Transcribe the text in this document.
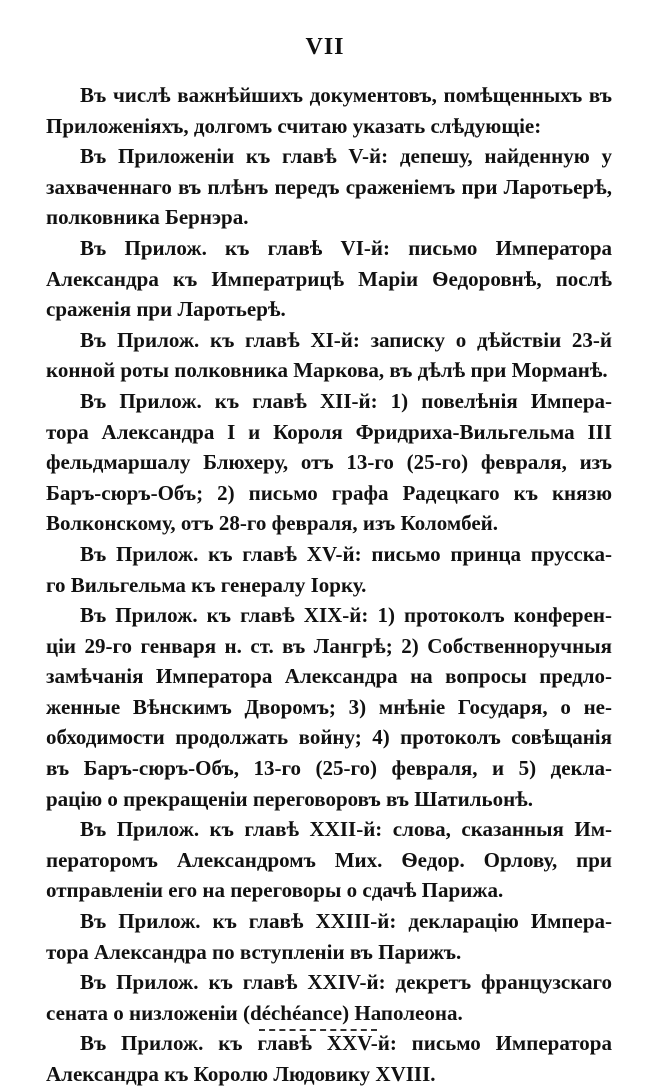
VII
Въ числѣ важнѣйшихъ документовъ, помѣщенныхъ въ
Приложеніяхъ, долгомъ считаю указать слѣдующіе:
Въ Приложеніи къ главѣ V-й: депешу, найденную у
захваченнаго въ плѣнъ передъ сраженіемъ при Ларотьерѣ,
полковника Бернэра.
Въ Прилож. къ главѣ VI-й: письмо Императора
Александра къ Императрицѣ Маріи Ѳедоровнѣ, послѣ
сраженія при Ларотьерѣ.
Въ Прилож. къ главѣ XI-й: записку о дѣйствіи 23-й
конной роты полковника Маркова, въ дѣлѣ при Морманѣ.
Въ Прилож. къ главѣ XII-й: 1) повелѣнія Импера-
тора Александра I и Короля Фридриха-Вильгельма III
фельдмаршалу Блюхеру, отъ 13-го (25-го) февраля, изъ
Баръ-сюръ-Объ; 2) письмо графа Радецкаго къ князю
Волконскому, отъ 28-го февраля, изъ Коломбей.
Въ Прилож. къ главѣ XV-й: письмо принца прусска-
го Вильгельма къ генералу Іорку.
Въ Прилож. къ главѣ XIX-й: 1) протоколъ конферен-
ціи 29-го генваря н. ст. въ Лангрѣ; 2) Собственноручныя
замѣчанія Императора Александра на вопросы предло-
женные Вѣнскимъ Дворомъ; 3) мнѣніе Государя, о не-
обходимости продолжать войну; 4) протоколъ совѣщанія
въ Баръ-сюръ-Объ, 13-го (25-го) февраля, и 5) декла-
рацію о прекращеніи переговоровъ въ Шатильонѣ.
Въ Прилож. къ главѣ XXII-й: слова, сказанныя Им-
ператоромъ Александромъ Мих. Ѳедор. Орлову, при
отправленіи его на переговоры о сдачѣ Парижа.
Въ Прилож. къ главѣ XXIII-й: декларацію Импера-
тора Александра по вступленіи въ Парижъ.
Въ Прилож. къ главѣ XXIV-й: декретъ французскаго
сената о низложеніи (déchéance) Наполеона.
Въ Прилож. къ главѣ XXV-й: письмо Императора
Александра къ Королю Людовику XVIII.
